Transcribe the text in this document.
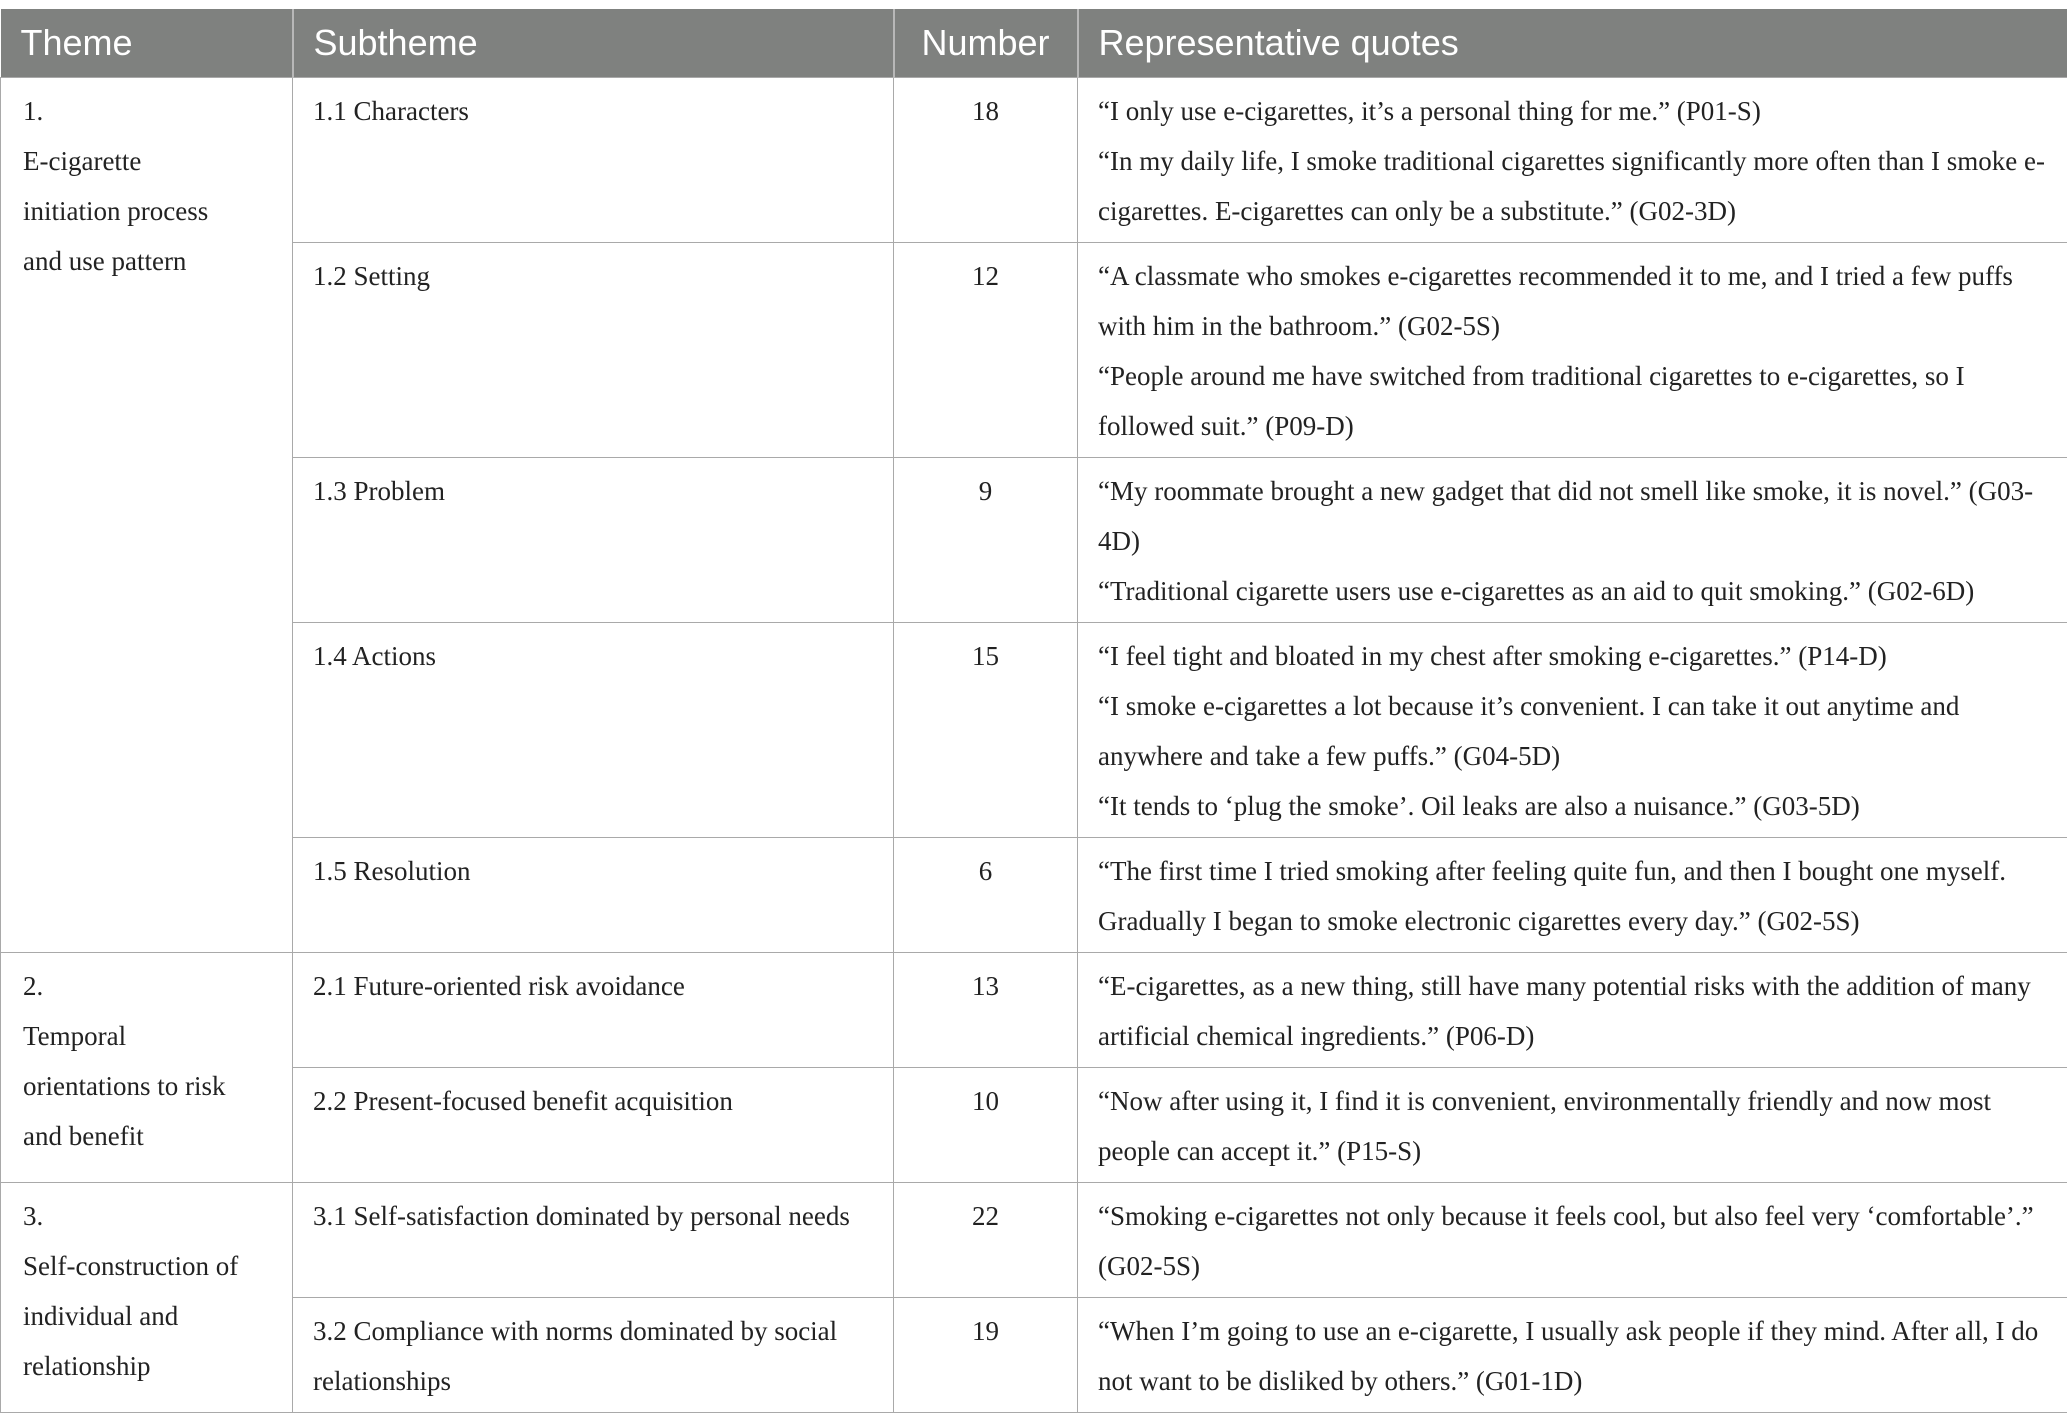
Theme	Subtheme	Number	Representative quotes
1.E-cigarette initiation process and use pattern	1.1 Characters	18	“I only use e-cigarettes, it’s a personal thing for me.” (P01-S)
“In my daily life, I smoke traditional cigarettes significantly more often than I smoke e-cigarettes. E-cigarettes can only be a substitute.” (G02-3D)

	1.2 Setting	12	“A classmate who smokes e-cigarettes recommended it to me, and I tried a few puffs with him in the bathroom.” (G02-5S)
“People around me have switched from traditional cigarettes to e-cigarettes, so I followed suit.” (P09-D)

	1.3 Problem	9	“My roommate brought a new gadget that did not smell like smoke, it is novel.” (G03-4D)
“Traditional cigarette users use e-cigarettes as an aid to quit smoking.” (G02-6D)

	1.4 Actions	15	“I feel tight and bloated in my chest after smoking e-cigarettes.” (P14-D)
“I smoke e-cigarettes a lot because it’s convenient. I can take it out anytime and anywhere and take a few puffs.” (G04-5D)
“It tends to ‘plug the smoke’. Oil leaks are also a nuisance.” (G03-5D)

	1.5 Resolution	6	“The first time I tried smoking after feeling quite fun, and then I bought one myself. Gradually I began to smoke electronic cigarettes every day.” (G02-5S)

2.Temporal orientations to risk and benefit	2.1 Future-oriented risk avoidance	13	“E-cigarettes, as a new thing, still have many potential risks with the addition of many artificial chemical ingredients.” (P06-D)

	2.2 Present-focused benefit acquisition	10	“Now after using it, I find it is convenient, environmentally friendly and now most people can accept it.” (P15-S)

3.Self-construction of individual and relationship	3.1 Self-satisfaction dominated by personal needs	22	“Smoking e-cigarettes not only because it feels cool, but also feel very ‘comfortable’.” (G02-5S)

	3.2 Compliance with norms dominated by social relationships	19	“When I’m going to use an e-cigarette, I usually ask people if they mind. After all, I do not want to be disliked by others.” (G01-1D)
